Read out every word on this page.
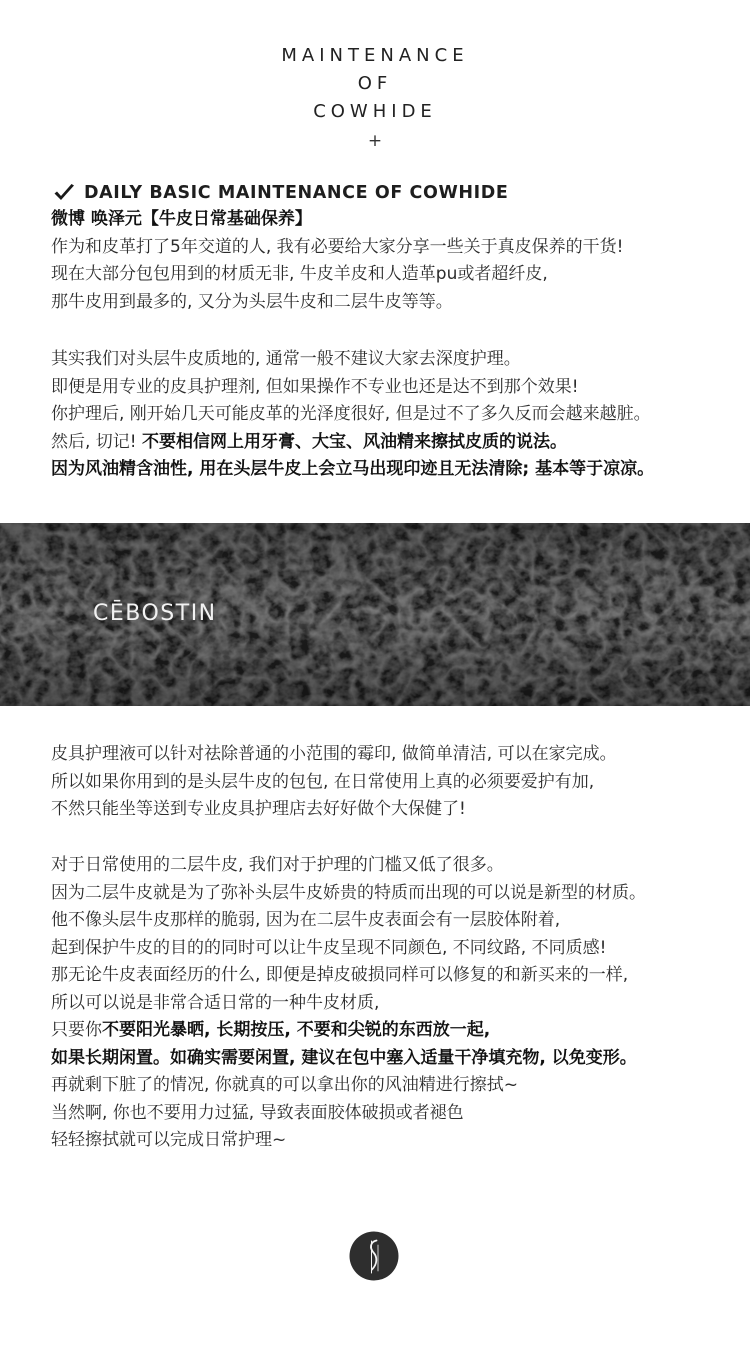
MAINTENANCE
OF
COWHIDE
+
DAILY BASIC MAINTENANCE OF COWHIDE

微博 唤泽元【牛皮日常基础保养】

作为和皮革打了5年交道的人, 我有必要给大家分享一些关于真皮保养的干货!

现在大部分包包用到的材质无非, 牛皮羊皮和人造革pu或者超纤皮,

那牛皮用到最多的, 又分为头层牛皮和二层牛皮等等。

其实我们对头层牛皮质地的, 通常一般不建议大家去深度护理。

即便是用专业的皮具护理剂, 但如果操作不专业也还是达不到那个效果!

你护理后, 刚开始几天可能皮革的光泽度很好, 但是过不了多久反而会越来越脏。

然后, 切记! 不要相信网上用牙膏、大宝、风油精来擦拭皮质的说法。

因为风油精含油性, 用在头层牛皮上会立马出现印迹且无法清除; 基本等于凉凉。

CĒBOSTIN

皮具护理液可以针对祛除普通的小范围的霉印, 做简单清洁, 可以在家完成。

所以如果你用到的是头层牛皮的包包, 在日常使用上真的必须要爱护有加,

不然只能坐等送到专业皮具护理店去好好做个大保健了!

对于日常使用的二层牛皮, 我们对于护理的门槛又低了很多。

因为二层牛皮就是为了弥补头层牛皮娇贵的特质而出现的可以说是新型的材质。

他不像头层牛皮那样的脆弱, 因为在二层牛皮表面会有一层胶体附着,

起到保护牛皮的目的的同时可以让牛皮呈现不同颜色, 不同纹路, 不同质感!

那无论牛皮表面经历的什么, 即便是掉皮破损同样可以修复的和新买来的一样,

所以可以说是非常合适日常的一种牛皮材质,

只要你不要阳光暴晒, 长期按压, 不要和尖锐的东西放一起,

如果长期闲置。如确实需要闲置, 建议在包中塞入适量干净填充物, 以免变形。

再就剩下脏了的情况, 你就真的可以拿出你的风油精进行擦拭~

当然啊, 你也不要用力过猛, 导致表面胶体破损或者褪色

轻轻擦拭就可以完成日常护理~
